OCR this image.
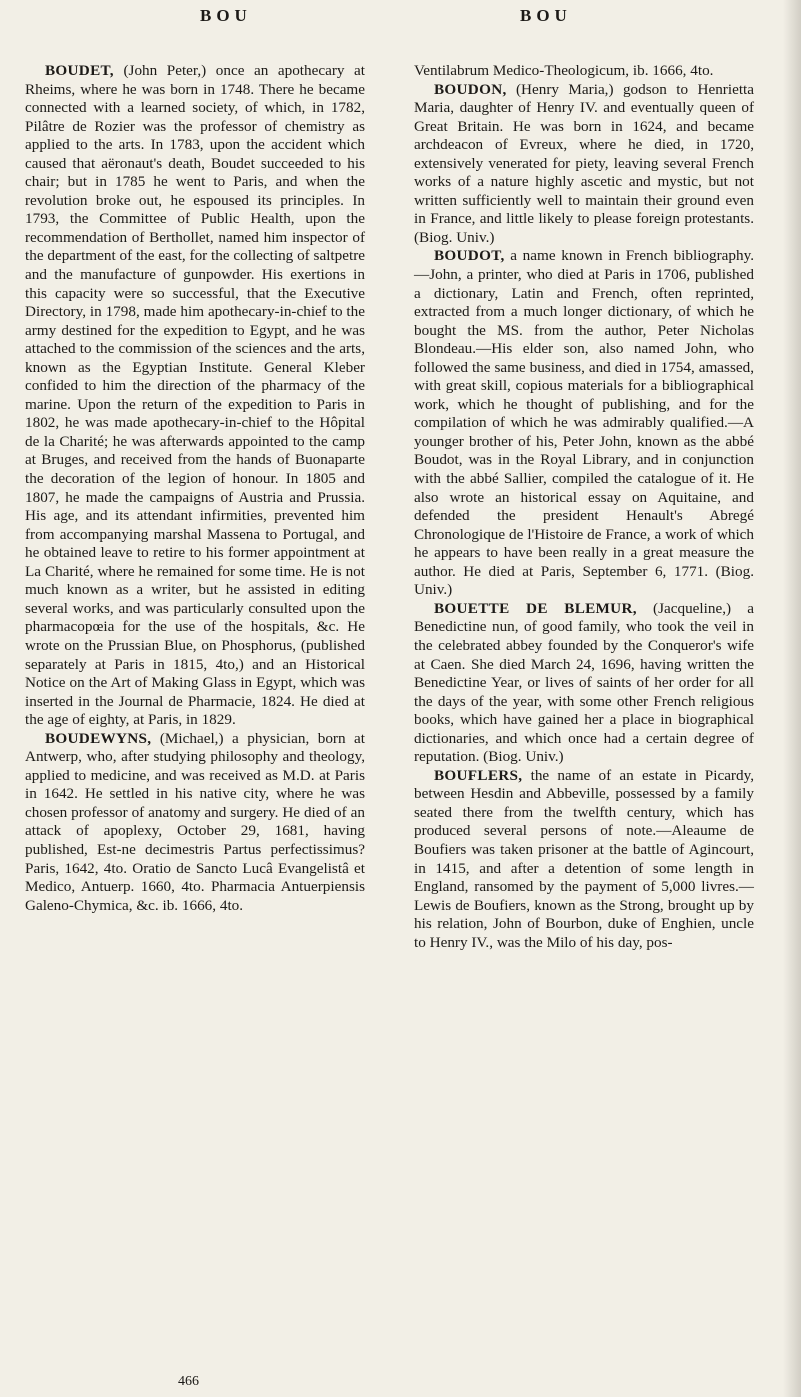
BOU	BOU

BOUDET, (John Peter,) once an apothecary at Rheims, where he was born in 1748. There he became connected with a learned society, of which, in 1782, Pilâtre de Rozier was the professor of chemistry as applied to the arts. In 1783, upon the accident which caused that aëronaut's death, Boudet succeeded to his chair; but in 1785 he went to Paris, and when the revolution broke out, he espoused its principles. In 1793, the Committee of Public Health, upon the recommendation of Berthollet, named him inspector of the department of the east, for the collecting of saltpetre and the manufacture of gunpowder. His exertions in this capacity were so successful, that the Executive Directory, in 1798, made him apothecary-in-chief to the army destined for the expedition to Egypt, and he was attached to the commission of the sciences and the arts, known as the Egyptian Institute. General Kleber confided to him the direction of the pharmacy of the marine. Upon the return of the expedition to Paris in 1802, he was made apothecary-in-chief to the Hôpital de la Charité; he was afterwards appointed to the camp at Bruges, and received from the hands of Buonaparte the decoration of the legion of honour. In 1805 and 1807, he made the campaigns of Austria and Prussia. His age, and its attendant infirmities, prevented him from accompanying marshal Massena to Portugal, and he obtained leave to retire to his former appointment at La Charité, where he remained for some time. He is not much known as a writer, but he assisted in editing several works, and was particularly consulted upon the pharmacopœia for the use of the hospitals, &c. He wrote on the Prussian Blue, on Phosphorus, (published separately at Paris in 1815, 4to,) and an Historical Notice on the Art of Making Glass in Egypt, which was inserted in the Journal de Pharmacie, 1824. He died at the age of eighty, at Paris, in 1829.

BOUDEWYNS, (Michael,) a physician, born at Antwerp, who, after studying philosophy and theology, applied to medicine, and was received as M.D. at Paris in 1642. He settled in his native city, where he was chosen professor of anatomy and surgery. He died of an attack of apoplexy, October 29, 1681, having published, Est-ne decimestris Partus perfectissimus? Paris, 1642, 4to. Oratio de Sancto Lucâ Evangelistâ et Medico, Antuerp. 1660, 4to. Pharmacia Antuerpiensis Galeno-Chymica, &c. ib. 1666, 4to.

Ventilabrum Medico-Theologicum, ib. 1666, 4to.

BOUDON, (Henry Maria,) godson to Henrietta Maria, daughter of Henry IV. and eventually queen of Great Britain. He was born in 1624, and became archdeacon of Evreux, where he died, in 1720, extensively venerated for piety, leaving several French works of a nature highly ascetic and mystic, but not written sufficiently well to maintain their ground even in France, and little likely to please foreign protestants. (Biog. Univ.)

BOUDOT, a name known in French bibliography.—John, a printer, who died at Paris in 1706, published a dictionary, Latin and French, often reprinted, extracted from a much longer dictionary, of which he bought the MS. from the author, Peter Nicholas Blondeau.—His elder son, also named John, who followed the same business, and died in 1754, amassed, with great skill, copious materials for a bibliographical work, which he thought of publishing, and for the compilation of which he was admirably qualified.—A younger brother of his, Peter John, known as the abbé Boudot, was in the Royal Library, and in conjunction with the abbé Sallier, compiled the catalogue of it. He also wrote an historical essay on Aquitaine, and defended the president Henault's Abregé Chronologique de l'Histoire de France, a work of which he appears to have been really in a great measure the author. He died at Paris, September 6, 1771. (Biog. Univ.)

BOUETTE DE BLEMUR, (Jacqueline,) a Benedictine nun, of good family, who took the veil in the celebrated abbey founded by the Conqueror's wife at Caen. She died March 24, 1696, having written the Benedictine Year, or lives of saints of her order for all the days of the year, with some other French religious books, which have gained her a place in biographical dictionaries, and which once had a certain degree of reputation. (Biog. Univ.)

BOUFLERS, the name of an estate in Picardy, between Hesdin and Abbeville, possessed by a family seated there from the twelfth century, which has produced several persons of note.—Aleaume de Boufiers was taken prisoner at the battle of Agincourt, in 1415, and after a detention of some length in England, ransomed by the payment of 5,000 livres.—Lewis de Boufiers, known as the Strong, brought up by his relation, John of Bourbon, duke of Enghien, uncle to Henry IV., was the Milo of his day, pos-

466
